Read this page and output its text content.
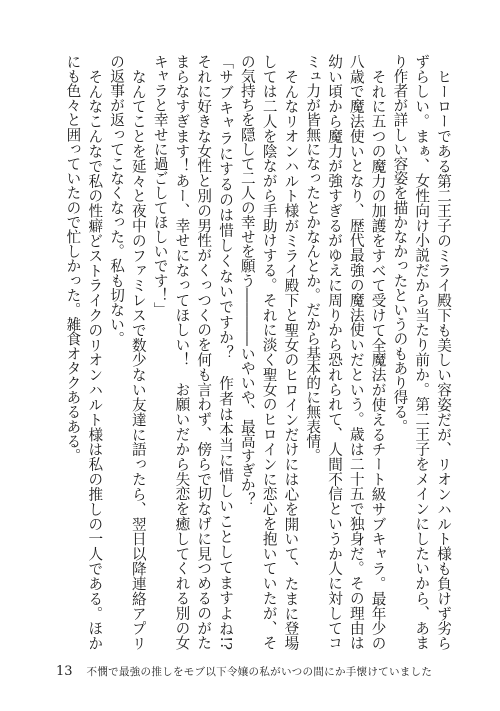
ヒーローである第二王子のミライ殿下も美しい容姿だが、リオンハルト様も負けず劣らずらしい。まぁ、女性向け小説だから当たり前か。第二王子をメインにしたいから、あまり作者が詳しい容姿を描かなかったというのもあり得る。

それに五つの魔力の加護をすべて受けて全魔法が使えるチート級サブキャラ。最年少の八歳で魔法使いとなり、歴代最強の魔法使いだという。歳は二十五で独身だ。その理由は幼い頃から魔力が強すぎるがゆえに周りから恐れられて、人間不信というか人に対してコミュ力が皆無になったとかなんとか。だから基本的に無表情。

そんなリオンハルト様がミライ殿下と聖女のヒロインだけには心を開いて、たまに登場しては二人を陰ながら手助けする。それに淡く聖女のヒロインに恋心を抱いていたが、その気持ちを隠して二人の幸せを願う――――いやいや、最高すぎか？

「サブキャラにするのは惜しくないですか？　作者は本当に惜しいことしてますよね!?　それに好きな女性と別の男性がくっつくのを何も言わず、傍らで切なげに見つめるのがたまらなすぎます！あー、幸せになってほしい！　お願いだから失恋を癒してくれる別の女キャラと幸せに過ごしてほしいです！」

なんてことを延々と夜中のファミレスで数少ない友達に語ったら、翌日以降連絡アプリの返事が返ってこなくなった。私も切ない。

そんなこんなで私の性癖どストライクのリオンハルト様は私の推しの一人である。ほかにも色々と囲っていたので忙しかった。雑食オタクあるある。

13 不憫で最強の推しをモブ以下令嬢の私がいつの間にか手懐けていました
